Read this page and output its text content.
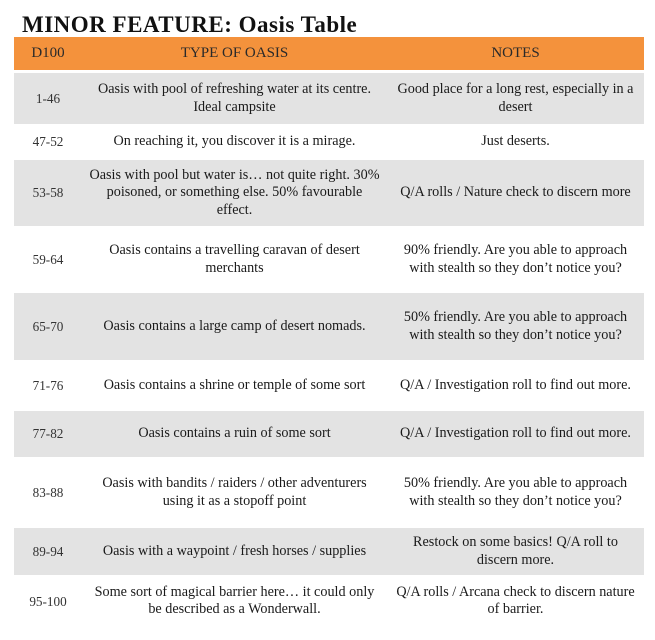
MINOR FEATURE: Oasis Table
D100	TYPE OF OASIS	NOTES
1-46	Oasis with pool of refreshing water at its centre. Ideal campsite	Good place for a long rest, especially in a desert
47-52	On reaching it, you discover it is a mirage.	Just deserts.
53-58	Oasis with pool but water is… not quite right. 30% poisoned, or something else. 50% favourable effect.	Q/A rolls / Nature check to discern more
59-64	Oasis contains a travelling caravan of desert merchants	90% friendly. Are you able to approach with stealth so they don’t notice you?
65-70	Oasis contains a large camp of desert nomads.	50% friendly. Are you able to approach with stealth so they don’t notice you?
71-76	Oasis contains a shrine or temple of some sort	Q/A / Investigation roll to find out more.
77-82	Oasis contains a ruin of some sort	Q/A / Investigation roll to find out more.
83-88	Oasis with bandits / raiders / other adventurers using it as a stopoff point	50% friendly. Are you able to approach with stealth so they don’t notice you?
89-94	Oasis with a waypoint / fresh horses / supplies	Restock on some basics! Q/A roll to discern more.
95-100	Some sort of magical barrier here… it could only be described as a Wonderwall.	Q/A rolls / Arcana check to discern nature of barrier.
